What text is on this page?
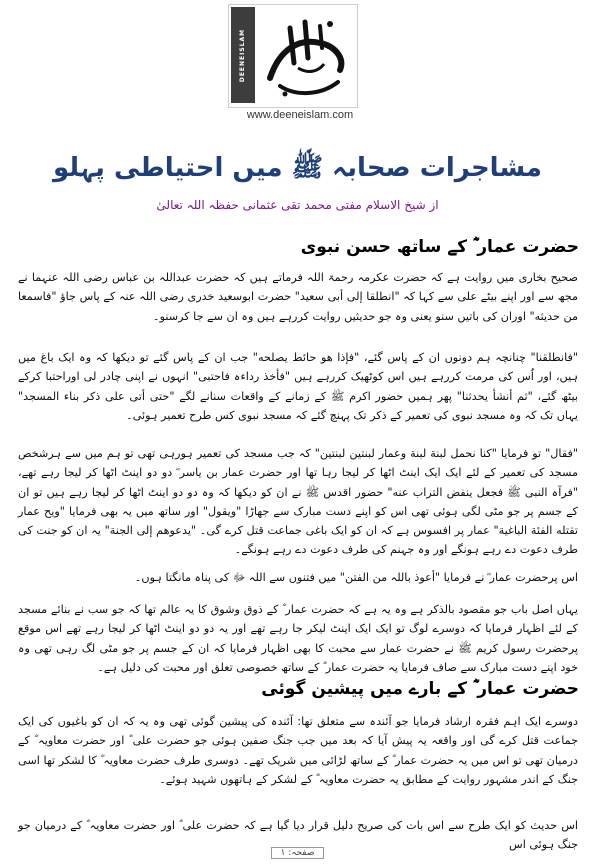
DEENEISLAM
www.deeneislam.com
مشاجرات صحابہ ﷺ میں احتیاطی پہلو
از شیخ الاسلام مفتی محمد تقی عثمانی حفظہ اللہ تعالیٰ
حضرت عمار ؓ کے ساتھ حسن نبوی
صحیح بخاری میں روایت ہے کہ حضرت عکرمہ رحمۃ اللہ فرماتے ہیں کہ حضرت عبداللہ بن عباس رضی اللہ عنہما نے مجھ سے اور اپنے بیٹے علی سے کہا کہ "انطلقا إلی أبی سعید" حضرت ابوسعید خدری رضی اللہ عنہ کے پاس جاؤ "فاسمعا من حدیثه" اوران کی باتیں سنو یعنی وہ جو حدیثیں روایت کررہے ہیں وہ ان سے جا کرسنو۔
"فانطلقنا" چنانچہ ہم دونوں ان کے پاس گئے، "فإذا هو حائط یصلحه" جب ان کے پاس گئے تو دیکھا کہ وہ ایک باغ میں ہیں، اور اُس کی مرمت کررہے ہیں اس کوٹھیک کررہے ہیں "فأخذ رداءہ فاحتبی" انہوں نے اپنی چادر لی اوراحتبا کرکے بیٹھ گئے، "ثم أنشأ یحدثنا" پھر ہمیں حضور اکرم ﷺ کے زمانے کے واقعات سنانے لگے "حتی أتی علی ذکر بناء المسجد" یہاں تک کہ وہ مسجد نبوی کی تعمیر کے ذکر تک پہنچ گئے کہ مسجد نبوی کس طرح تعمیر ہوئی۔
"فقال" تو فرمایا "کنا نحمل لبنة لبنة وعمار لبنتین لبنتین" کہ جب مسجد کی تعمیر ہورہی تھی تو ہم میں سے ہرشخص مسجد کی تعمیر کے لئے ایک ایک اینٹ اٹھا کر لیجا رہا تھا اور حضرت عمار بن یاسر ؓ دو دو اینٹ اٹھا کر لیجا رہے تھے، "فرآہ النبی ﷺ فجعل ینفض التراب عنه" حضور اقدس ﷺ نے ان کو دیکھا کہ وہ دو دو اینٹ اٹھا کر لیجا رہے ہیں تو ان کے جسم پر جو مٹی لگی ہوئی تھی اس کو اپنے دست مبارک سے جھاڑا "ویقول" اور ساتھ میں یہ بھی فرمایا "ویح عمار تقتله الفئة الباغیة" عمار پر افسوس ہے کہ ان کو ایک باغی جماعت قتل کرے گی۔ "یدعوهم إلی الجنة" یہ ان کو جنت کی طرف دعوت دے رہے ہونگے اور وہ جہنم کی طرف دعوت دے رہے ہونگے۔
اس پرحضرت عمار ؓ نے فرمایا "أعوذ باللہ من الفتن" میں فتنوں سے اللہ ﷻ کی پناہ مانگتا ہوں۔
یہاں اصل باب جو مقصود بالذکر ہے وہ یہ ہے کہ حضرت عمار ؓ کے ذوق وشوق کا یہ عالم تھا کہ جو سب نے بنائے مسجد کے لئے اظہار فرمایا کہ دوسرے لوگ تو ایک ایک اینٹ لیکر جا رہے تھے اور یہ دو دو اینٹ اٹھا کر لیجا رہے تھے اس موقع پرحضرت رسول کریم ﷺ نے حضرت عمار سے محبت کا بھی اظہار فرمایا کہ ان کے جسم پر جو مٹی لگ رہی تھی وہ خود اپنے دست مبارک سے صاف فرمایا یہ حضرت عمار ؓ کے ساتھ خصوصی تعلق اور محبت کی دلیل ہے۔
حضرت عمار ؓ کے بارے میں پیشین گوئی
دوسرے ایک اہم فقرہ ارشاد فرمایا جو آئندہ سے متعلق تھا: آئندہ کی پیشین گوئی تھی وہ یہ کہ ان کو باغیوں کی ایک جماعت قتل کرے گی اور واقعہ یہ پیش آیا کہ بعد میں جب جنگ صفین ہوئی جو حضرت علی ؓ اور حضرت معاویہ ؓ کے درمیان تھی تو اس میں یہ حضرت عمار ؓ کے ساتھ لڑائی میں شریک تھے۔ دوسری طرف حضرت معاویہ ؓ کا لشکر تھا اسی جنگ کے اندر مشہور روایت کے مطابق یہ حضرت معاویہ ؓ کے لشکر کے ہاتھوں شہید ہوئے۔
اس حدیث کو ایک طرح سے اس بات کی صریح دلیل قرار دیا گیا ہے کہ حضرت علی ؓ اور حضرت معاویہ ؓ کے درمیان جو جنگ ہوئی اس
صفحہ: ۱
